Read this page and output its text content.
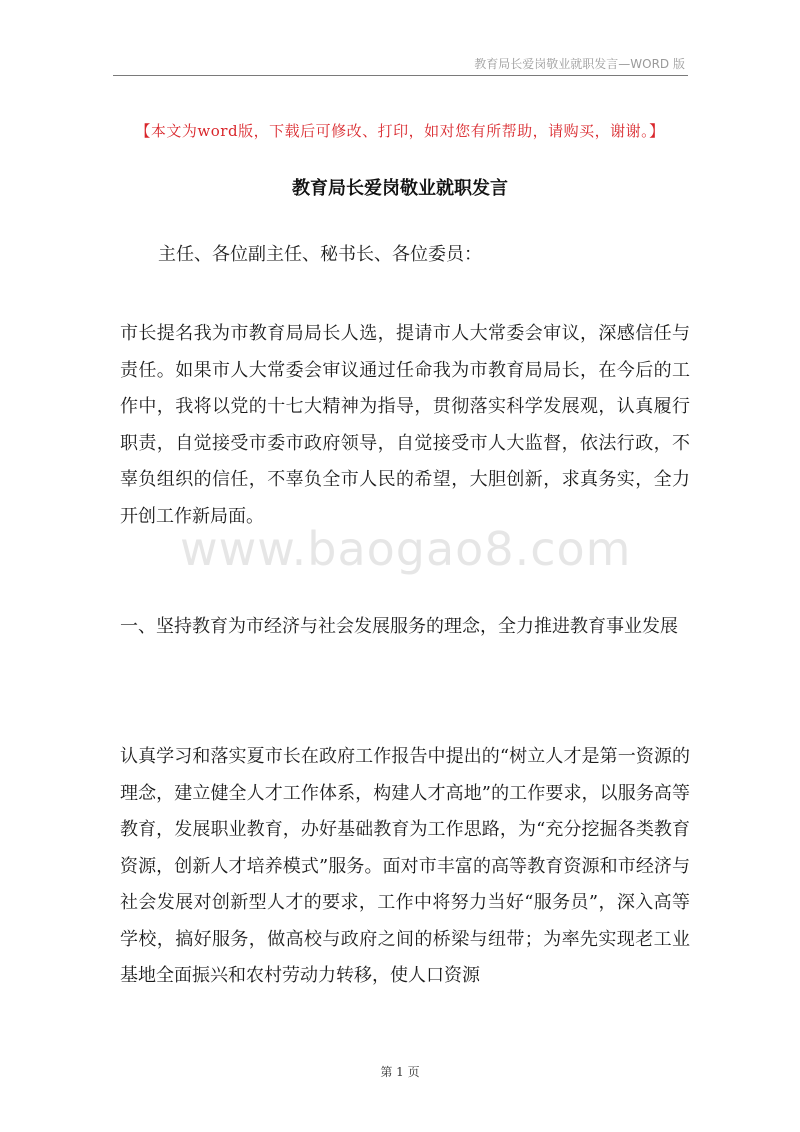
教育局长爱岗敬业就职发言—WORD 版
【本文为word版，下载后可修改、打印，如对您有所帮助，请购买，谢谢。】
教育局长爱岗敬业就职发言
主任、各位副主任、秘书长、各位委员：

市长提名我为市教育局局长人选，提请市人大常委会审议，深感信任与责任。如果市人大常委会审议通过任命我为市教育局局长，在今后的工作中，我将以党的十七大精神为指导，贯彻落实科学发展观，认真履行职责，自觉接受市委市政府领导，自觉接受市人大监督，依法行政，不辜负组织的信任，不辜负全市人民的希望，大胆创新，求真务实，全力开创工作新局面。

一、坚持教育为市经济与社会发展服务的理念，全力推进教育事业发展

认真学习和落实夏市长在政府工作报告中提出的“树立人才是第一资源的理念，建立健全人才工作体系，构建人才高地”的工作要求，以服务高等教育，发展职业教育，办好基础教育为工作思路，为“充分挖掘各类教育资源，创新人才培养模式”服务。面对市丰富的高等教育资源和市经济与社会发展对创新型人才的要求，工作中将努力当好“服务员”，深入高等学校，搞好服务，做高校与政府之间的桥梁与纽带；为率先实现老工业基地全面振兴和农村劳动力转移，使人口资源

www.baogao8.com
第 1 页
